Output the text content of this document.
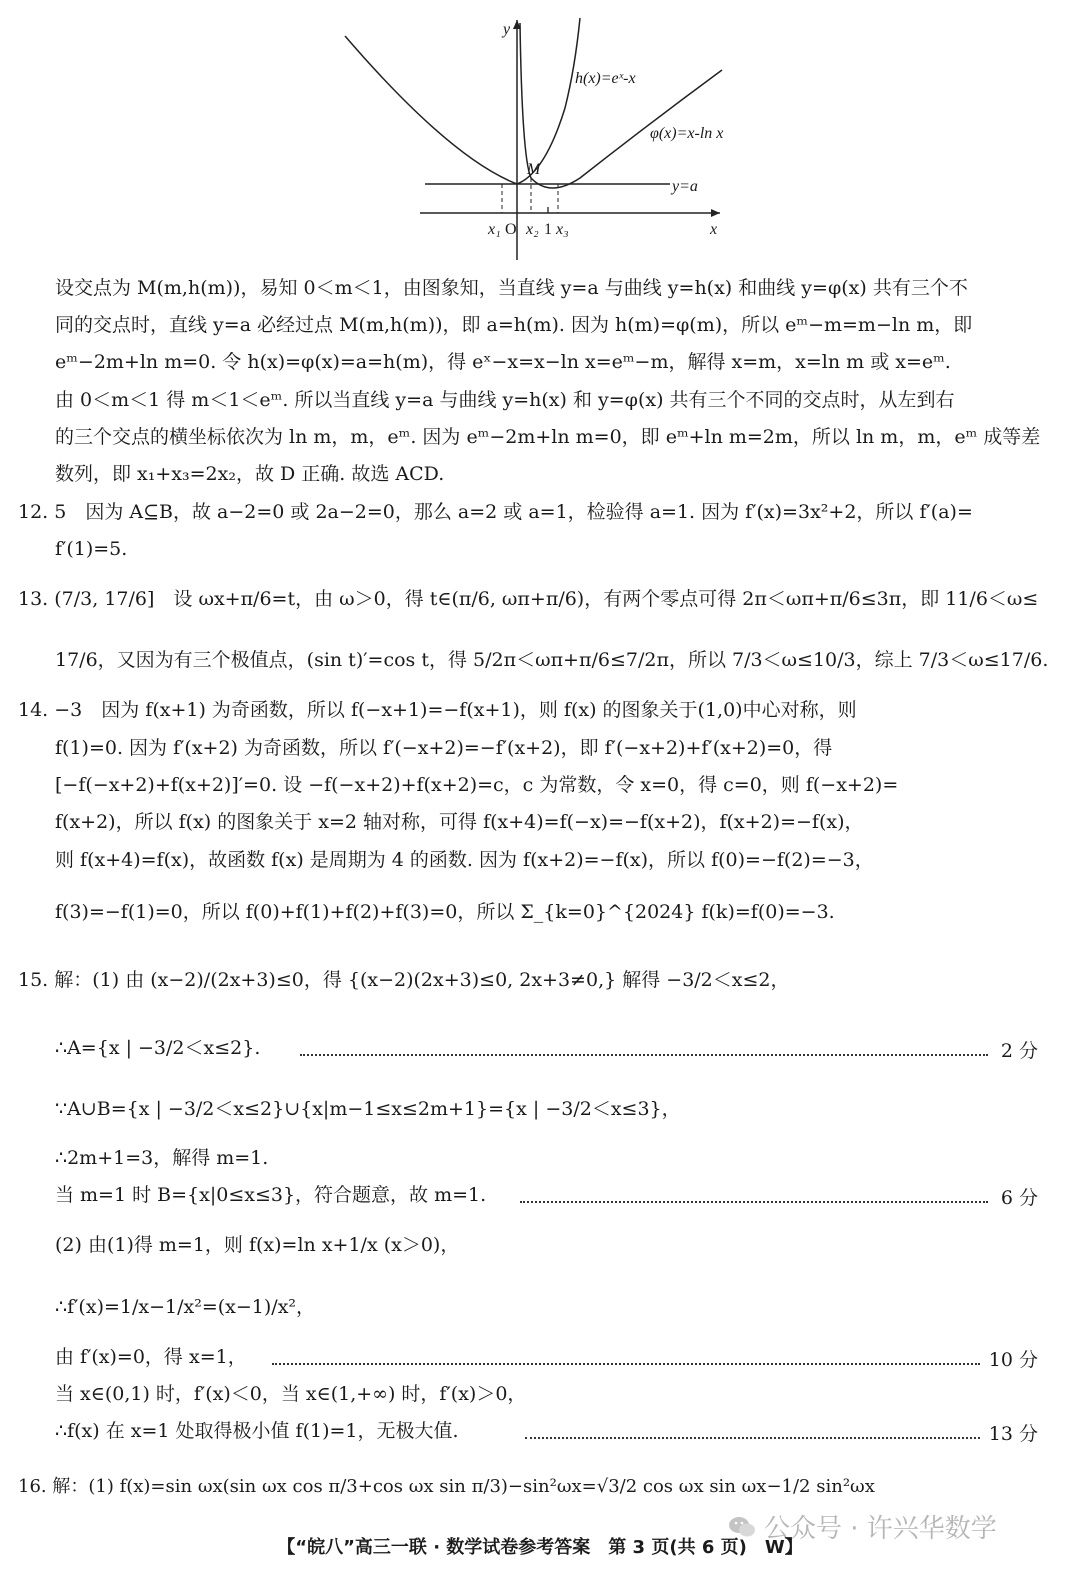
y
x
h(x)=eˣ-x
φ(x)=x-ln x
y=a
M
x₁ O x₂ 1 x₃
设交点为 M(m,h(m))，易知 0＜m＜1，由图象知，当直线 y=a 与曲线 y=h(x) 和曲线 y=φ(x) 共有三个不
同的交点时，直线 y=a 必经过点 M(m,h(m))，即 a=h(m). 因为 h(m)=φ(m)，所以 eᵐ−m=m−ln m，即
eᵐ−2m+ln m=0. 令 h(x)=φ(x)=a=h(m)，得 eˣ−x=x−ln x=eᵐ−m，解得 x=m，x=ln m 或 x=eᵐ.
由 0＜m＜1 得 m＜1＜eᵐ. 所以当直线 y=a 与曲线 y=h(x) 和 y=φ(x) 共有三个不同的交点时，从左到右
的三个交点的横坐标依次为 ln m，m，eᵐ. 因为 eᵐ−2m+ln m=0，即 eᵐ+ln m=2m，所以 ln m，m，eᵐ 成等差
数列，即 x₁+x₃=2x₂，故 D 正确. 故选 ACD.
12. 5　因为 A⊆B，故 a−2=0 或 2a−2=0，那么 a=2 或 a=1，检验得 a=1. 因为 f′(x)=3x²+2，所以 f′(a)=
f′(1)=5.
13. (7/3, 17/6]　设 ωx+π/6=t，由 ω＞0，得 t∈(π/6, ωπ+π/6)，有两个零点可得 2π＜ωπ+π/6≤3π，即 11/6＜ω≤
17/6，又因为有三个极值点，(sin t)′=cos t，得 5/2π＜ωπ+π/6≤7/2π，所以 7/3＜ω≤10/3，综上 7/3＜ω≤17/6.
14. −3　因为 f(x+1) 为奇函数，所以 f(−x+1)=−f(x+1)，则 f(x) 的图象关于(1,0)中心对称，则
f(1)=0. 因为 f′(x+2) 为奇函数，所以 f′(−x+2)=−f′(x+2)，即 f′(−x+2)+f′(x+2)=0，得
[−f(−x+2)+f(x+2)]′=0. 设 −f(−x+2)+f(x+2)=c，c 为常数，令 x=0，得 c=0，则 f(−x+2)=
f(x+2)，所以 f(x) 的图象关于 x=2 轴对称，可得 f(x+4)=f(−x)=−f(x+2)，f(x+2)=−f(x)，
则 f(x+4)=f(x)，故函数 f(x) 是周期为 4 的函数. 因为 f(x+2)=−f(x)，所以 f(0)=−f(2)=−3，
f(3)=−f(1)=0，所以 f(0)+f(1)+f(2)+f(3)=0，所以 Σ_{k=0}^{2024} f(k)=f(0)=−3.
15. 解：(1) 由 (x−2)/(2x+3)≤0，得 {(x−2)(2x+3)≤0, 2x+3≠0,} 解得 −3/2＜x≤2，
∴A={x | −3/2＜x≤2}.	2 分
∵A∪B={x | −3/2＜x≤2}∪{x|m−1≤x≤2m+1}={x | −3/2＜x≤3}，
∴2m+1=3，解得 m=1.
当 m=1 时 B={x|0≤x≤3}，符合题意，故 m=1.	6 分
(2) 由(1)得 m=1，则 f(x)=ln x+1/x (x＞0)，
∴f′(x)=1/x−1/x²=(x−1)/x²，
由 f′(x)=0，得 x=1，	10 分
当 x∈(0,1) 时，f′(x)＜0，当 x∈(1,+∞) 时，f′(x)＞0，
∴f(x) 在 x=1 处取得极小值 f(1)=1，无极大值.	13 分
16. 解：(1) f(x)=sin ωx(sin ωx cos π/3+cos ωx sin π/3)−sin²ωx=√3/2 cos ωx sin ωx−1/2 sin²ωx
公众号 · 许兴华数学
【“皖八”高三一联 · 数学试卷参考答案　第 3 页(共 6 页)　W】
